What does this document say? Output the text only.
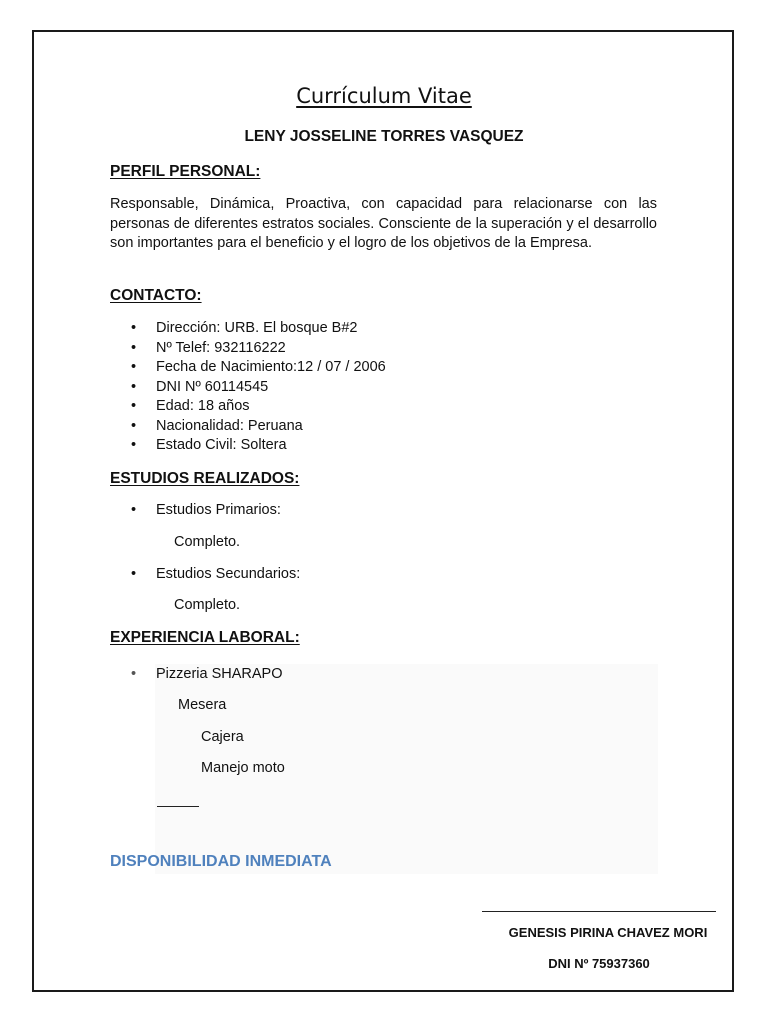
Currículum Vitae
LENY JOSSELINE TORRES VASQUEZ
PERFIL PERSONAL:

Responsable, Dinámica, Proactiva, con capacidad para relacionarse con las personas de diferentes estratos sociales. Consciente de la superación y el desarrollo son importantes para el beneficio y el logro de los objetivos de la Empresa.

CONTACTO:
• Dirección: URB. El bosque B#2
• Nº Telef: 932116222
• Fecha de Nacimiento:12 / 07 / 2006
• DNI Nº 60114545
• Edad: 18 años
• Nacionalidad: Peruana
• Estado Civil: Soltera
ESTUDIOS REALIZADOS:
• Estudios Primarios:
Completo.
• Estudios Secundarios:
Completo.
EXPERIENCIA LABORAL:
• Pizzeria SHARAPO
Mesera
Cajera
Manejo moto
DISPONIBILIDAD INMEDIATA
GENESIS PIRINA CHAVEZ MORI
DNI Nº 75937360
